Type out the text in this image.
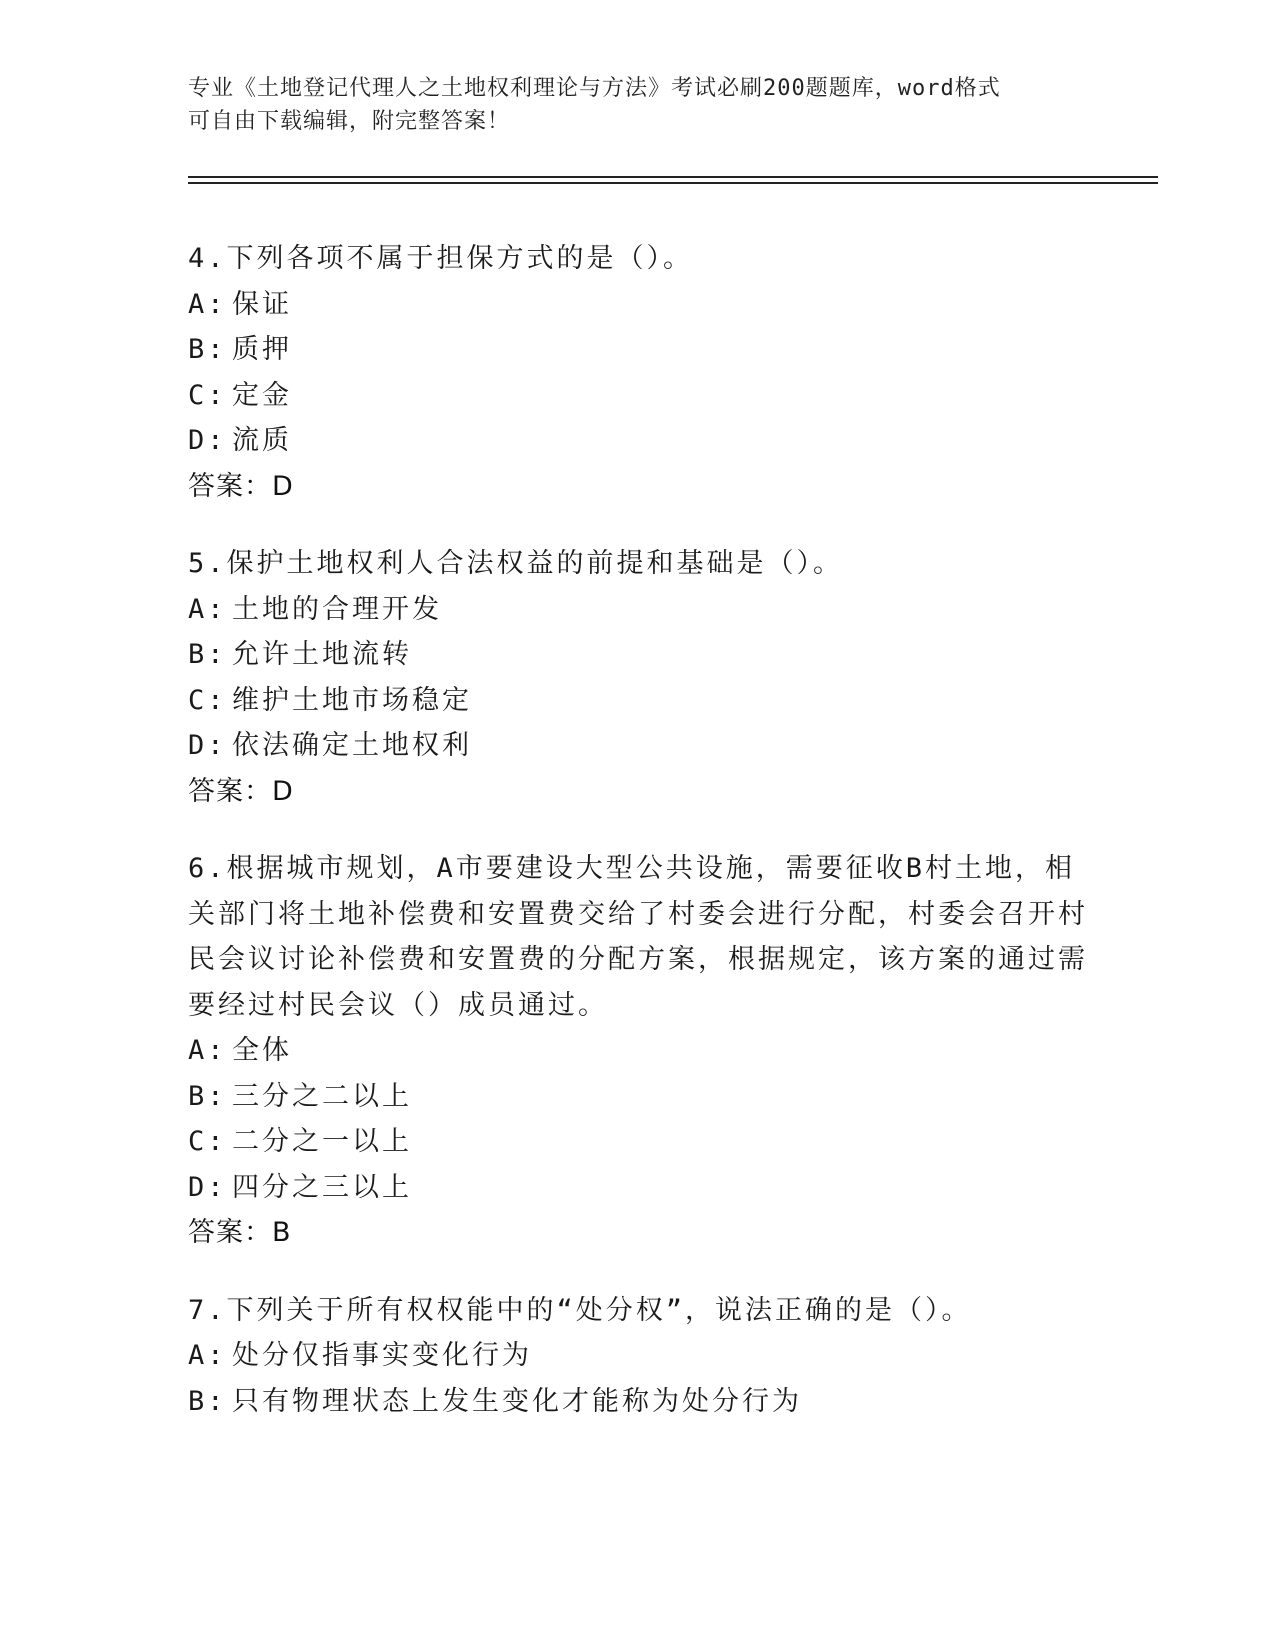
专业《土地登记代理人之土地权利理论与方法》考试必刷200题题库，word格式
可自由下载编辑，附完整答案！

4.下列各项不属于担保方式的是（）。

A: 保证

B: 质押

C: 定金

D: 流质

答案：D

5.保护土地权利人合法权益的前提和基础是（）。

A: 土地的合理开发

B: 允许土地流转

C: 维护土地市场稳定

D: 依法确定土地权利

答案：D

6.根据城市规划，A市要建设大型公共设施，需要征收B村土地，相关部门将土地补偿费和安置费交给了村委会进行分配，村委会召开村民会议讨论补偿费和安置费的分配方案，根据规定，该方案的通过需要经过村民会议（）成员通过。

A: 全体

B: 三分之二以上

C: 二分之一以上

D: 四分之三以上

答案：B

7.下列关于所有权权能中的“处分权”，说法正确的是（）。

A: 处分仅指事实变化行为

B: 只有物理状态上发生变化才能称为处分行为
